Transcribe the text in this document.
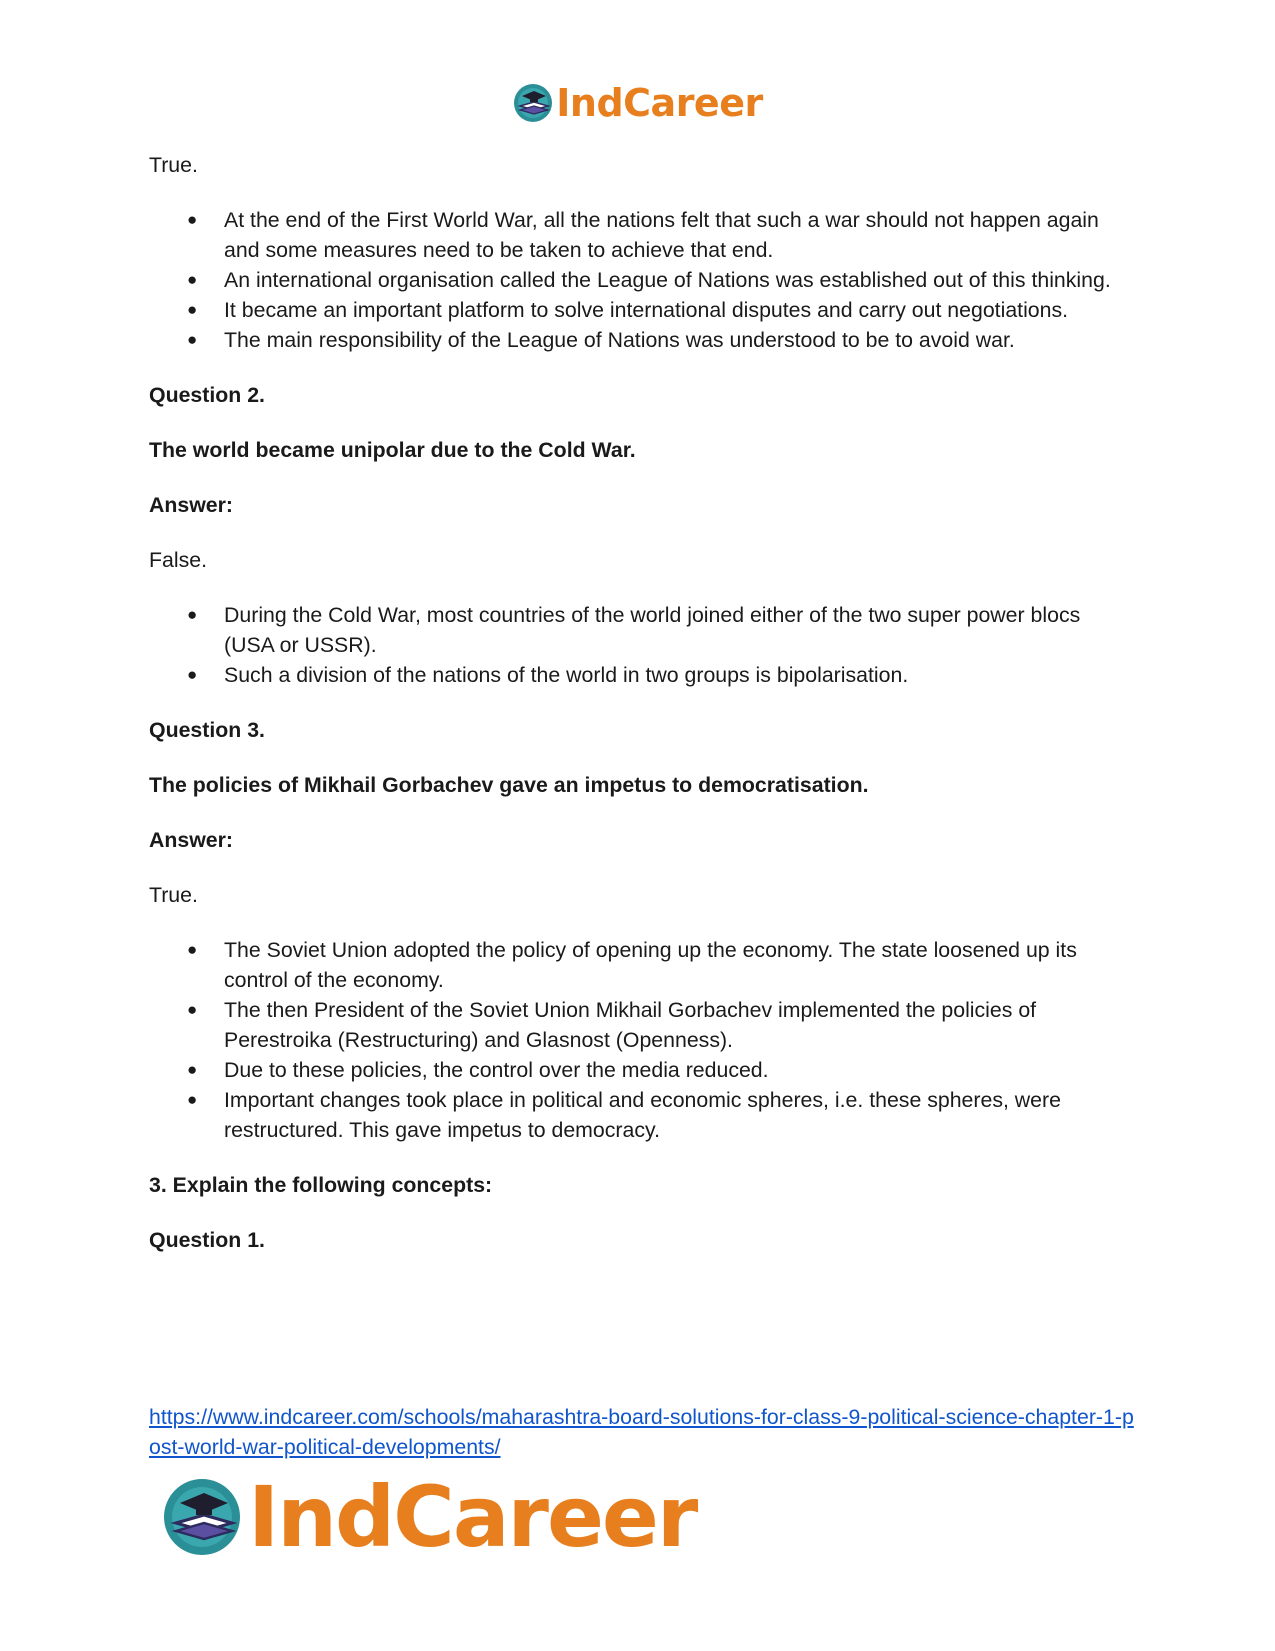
IndCareer

True.

● At the end of the First World War, all the nations felt that such a war should not happen again and some measures need to be taken to achieve that end.
● An international organisation called the League of Nations was established out of this thinking.
● It became an important platform to solve international disputes and carry out negotiations.
● The main responsibility of the League of Nations was understood to be to avoid war.

Question 2.

The world became unipolar due to the Cold War.

Answer:

False.

● During the Cold War, most countries of the world joined either of the two super power blocs (USA or USSR).
● Such a division of the nations of the world in two groups is bipolarisation.

Question 3.

The policies of Mikhail Gorbachev gave an impetus to democratisation.

Answer:

True.

● The Soviet Union adopted the policy of opening up the economy. The state loosened up its control of the economy.
● The then President of the Soviet Union Mikhail Gorbachev implemented the policies of Perestroika (Restructuring) and Glasnost (Openness).
● Due to these policies, the control over the media reduced.
● Important changes took place in political and economic spheres, i.e. these spheres, were restructured. This gave impetus to democracy.

3. Explain the following concepts:

Question 1.

https://www.indcareer.com/schools/maharashtra-board-solutions-for-class-9-political-science-chapter-1-post-world-war-political-developments/
IndCareer
